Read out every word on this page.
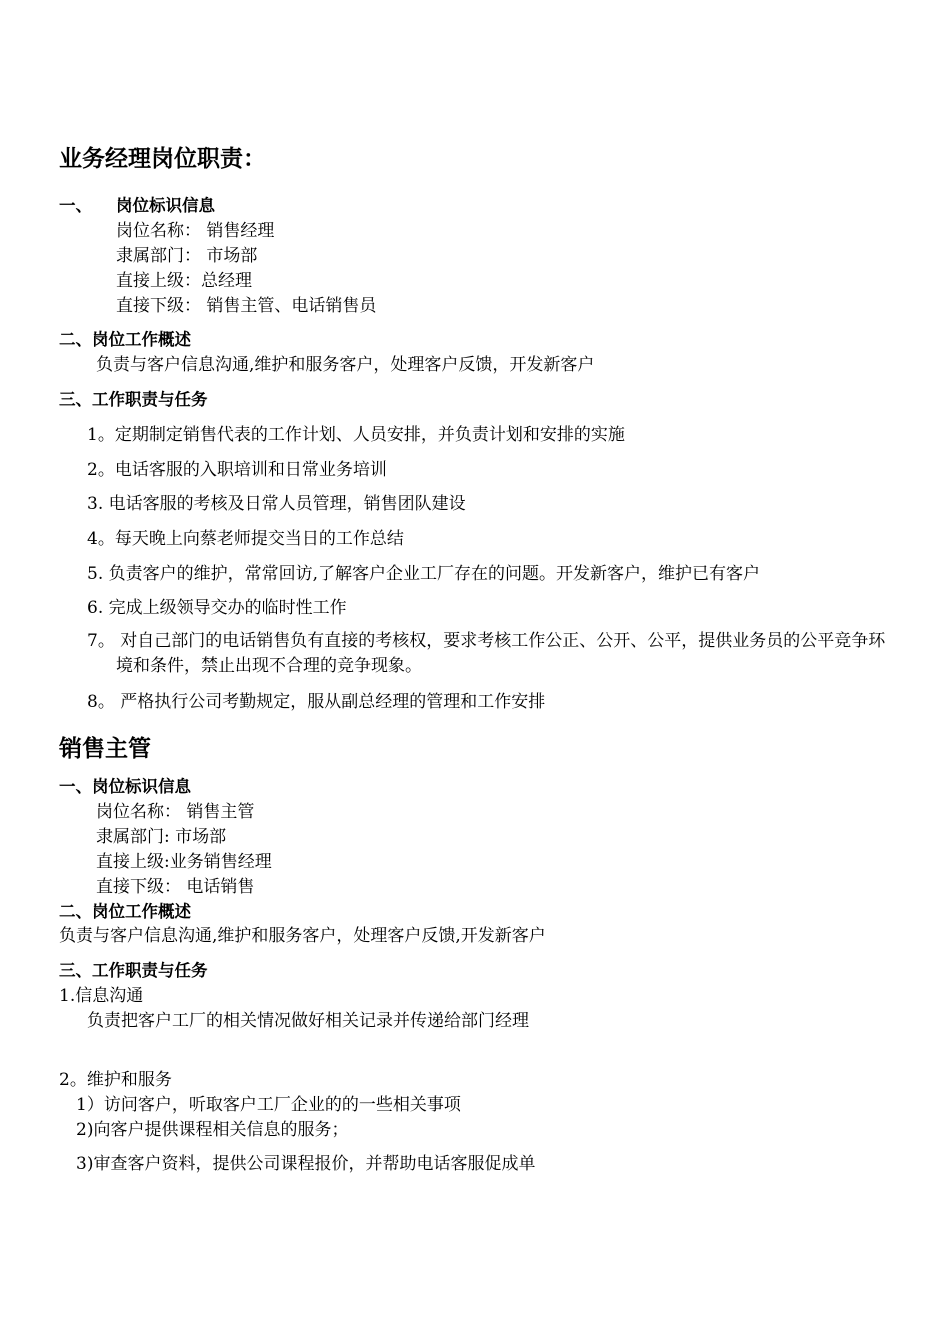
业务经理岗位职责：
一、 岗位标识信息
岗位名称： 销售经理
隶属部门： 市场部
直接上级：总经理
直接下级： 销售主管、电话销售员
二、岗位工作概述
负责与客户信息沟通,维护和服务客户，处理客户反馈，开发新客户
三、工作职责与任务
1。定期制定销售代表的工作计划、人员安排，并负责计划和安排的实施
2。电话客服的入职培训和日常业务培训
3. 电话客服的考核及日常人员管理，销售团队建设
4。每天晚上向蔡老师提交当日的工作总结
5. 负责客户的维护，常常回访,了解客户企业工厂存在的问题。开发新客户，维护已有客户
6. 完成上级领导交办的临时性工作
7。 对自己部门的电话销售负有直接的考核权，要求考核工作公正、公开、公平，提供业务员的公平竞争环境和条件，禁止出现不合理的竞争现象。
8。 严格执行公司考勤规定，服从副总经理的管理和工作安排
销售主管
一、岗位标识信息
岗位名称： 销售主管
隶属部门: 市场部
直接上级:业务销售经理
直接下级： 电话销售
二、岗位工作概述
负责与客户信息沟通,维护和服务客户，处理客户反馈,开发新客户
三、工作职责与任务
1.信息沟通
负责把客户工厂的相关情况做好相关记录并传递给部门经理
2。维护和服务
1）访问客户，听取客户工厂企业的的一些相关事项
2)向客户提供课程相关信息的服务；
3)审查客户资料，提供公司课程报价，并帮助电话客服促成单
